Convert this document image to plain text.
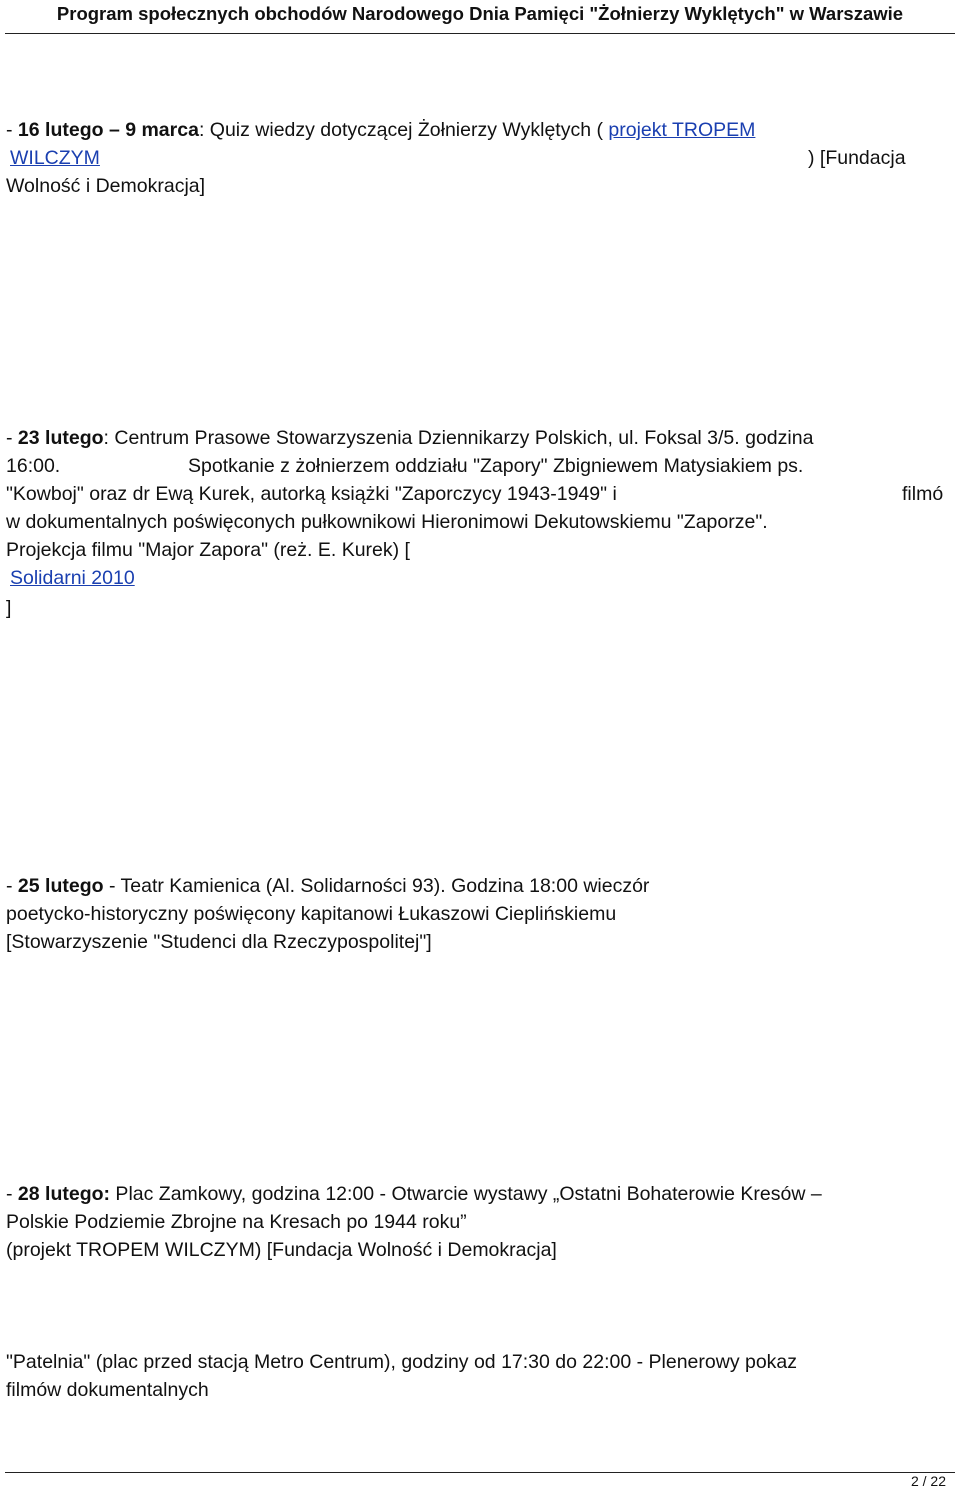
Program społecznych obchodów Narodowego Dnia Pamięci "Żołnierzy Wyklętych" w Warszawie
- 16 lutego – 9 marca: Quiz wiedzy dotyczącej Żołnierzy Wyklętych ( projekt TROPEM
WILCZYM	) [Fundacja
Wolność i Demokracja]
- 23 lutego: Centrum Prasowe Stowarzyszenia Dziennikarzy Polskich, ul. Foksal 3/5. godzina
16:00.	Spotkanie z żołnierzem oddziału "Zapory" Zbigniewem Matysiakiem ps.
"Kowboj" oraz dr Ewą Kurek, autorką książki "Zaporczycy 1943-1949" i	filmó
w dokumentalnych poświęconych pułkownikowi Hieronimowi Dekutowskiemu "Zaporze".
Projekcja filmu "Major Zapora" (reż. E. Kurek) [
Solidarni 2010
]
- 25 lutego - Teatr Kamienica (Al. Solidarności 93). Godzina 18:00 wieczór
poetycko-historyczny poświęcony kapitanowi Łukaszowi Cieplińskiemu
[Stowarzyszenie "Studenci dla Rzeczypospolitej"]
- 28 lutego: Plac Zamkowy, godzina 12:00 - Otwarcie wystawy „Ostatni Bohaterowie Kresów –
Polskie Podziemie Zbrojne na Kresach po 1944 roku”
(projekt TROPEM WILCZYM) [Fundacja Wolność i Demokracja]
"Patelnia" (plac przed stacją Metro Centrum), godziny od 17:30 do 22:00 - Plenerowy pokaz
filmów dokumentalnych
2 / 22
